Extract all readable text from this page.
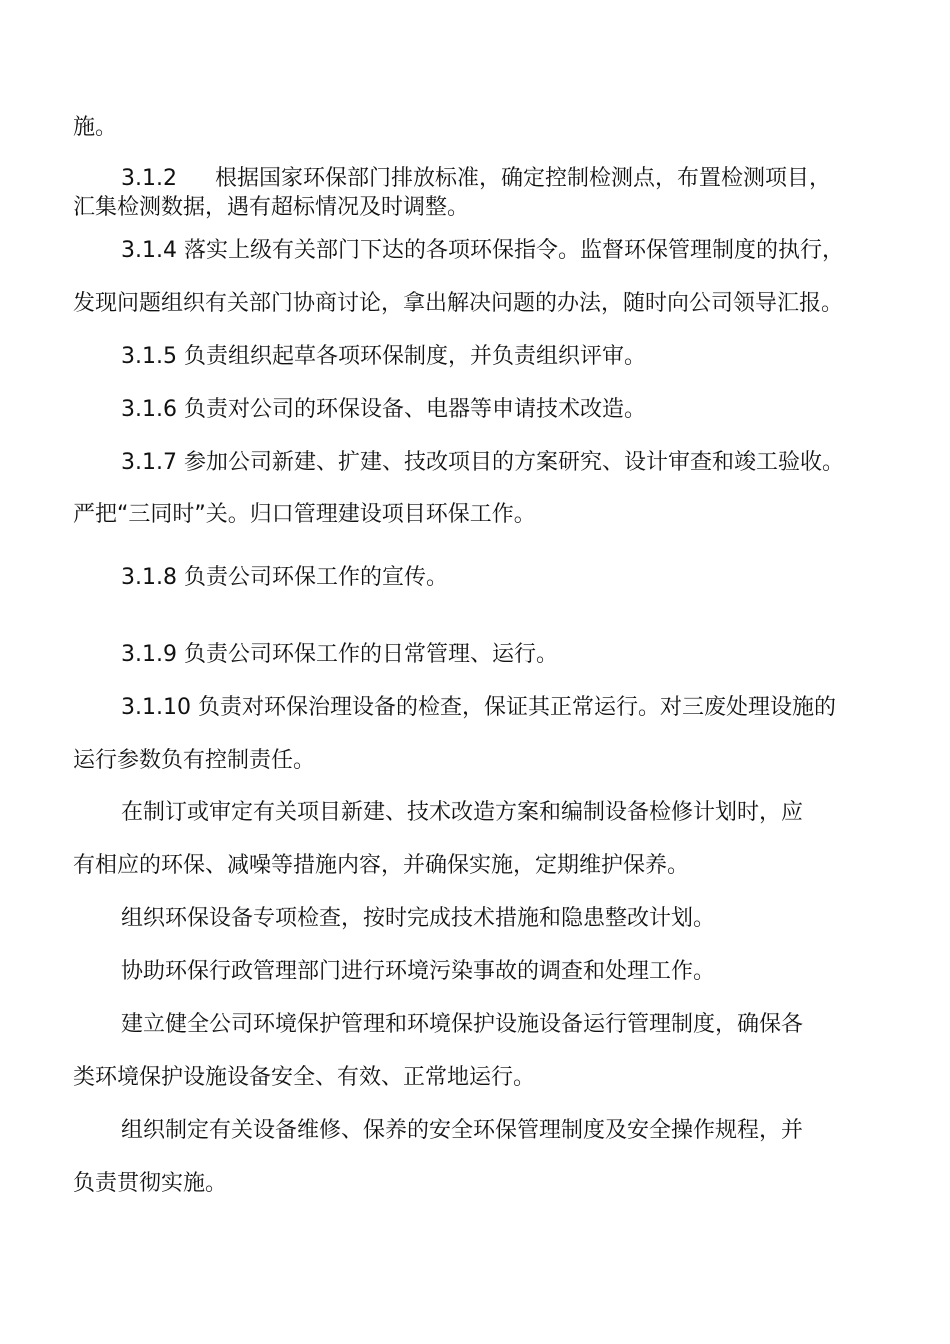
施。
3.1.2 根据国家环保部门排放标准，确定控制检测点，布置检测项目，
汇集检测数据，遇有超标情况及时调整。
3.1.4 落实上级有关部门下达的各项环保指令。监督环保管理制度的执行，
发现问题组织有关部门协商讨论，拿出解决问题的办法，随时向公司领导汇报。
3.1.5 负责组织起草各项环保制度，并负责组织评审。
3.1.6 负责对公司的环保设备、电器等申请技术改造。
3.1.7 参加公司新建、扩建、技改项目的方案研究、设计审查和竣工验收。
严把“三同时”关。归口管理建设项目环保工作。
3.1.8 负责公司环保工作的宣传。
3.1.9 负责公司环保工作的日常管理、运行。
3.1.10 负责对环保治理设备的检查，保证其正常运行。对三废处理设施的
运行参数负有控制责任。
在制订或审定有关项目新建、技术改造方案和编制设备检修计划时，应
有相应的环保、减噪等措施内容，并确保实施，定期维护保养。
组织环保设备专项检查，按时完成技术措施和隐患整改计划。
协助环保行政管理部门进行环境污染事故的调查和处理工作。
建立健全公司环境保护管理和环境保护设施设备运行管理制度，确保各
类环境保护设施设备安全、有效、正常地运行。
组织制定有关设备维修、保养的安全环保管理制度及安全操作规程，并
负责贯彻实施。
